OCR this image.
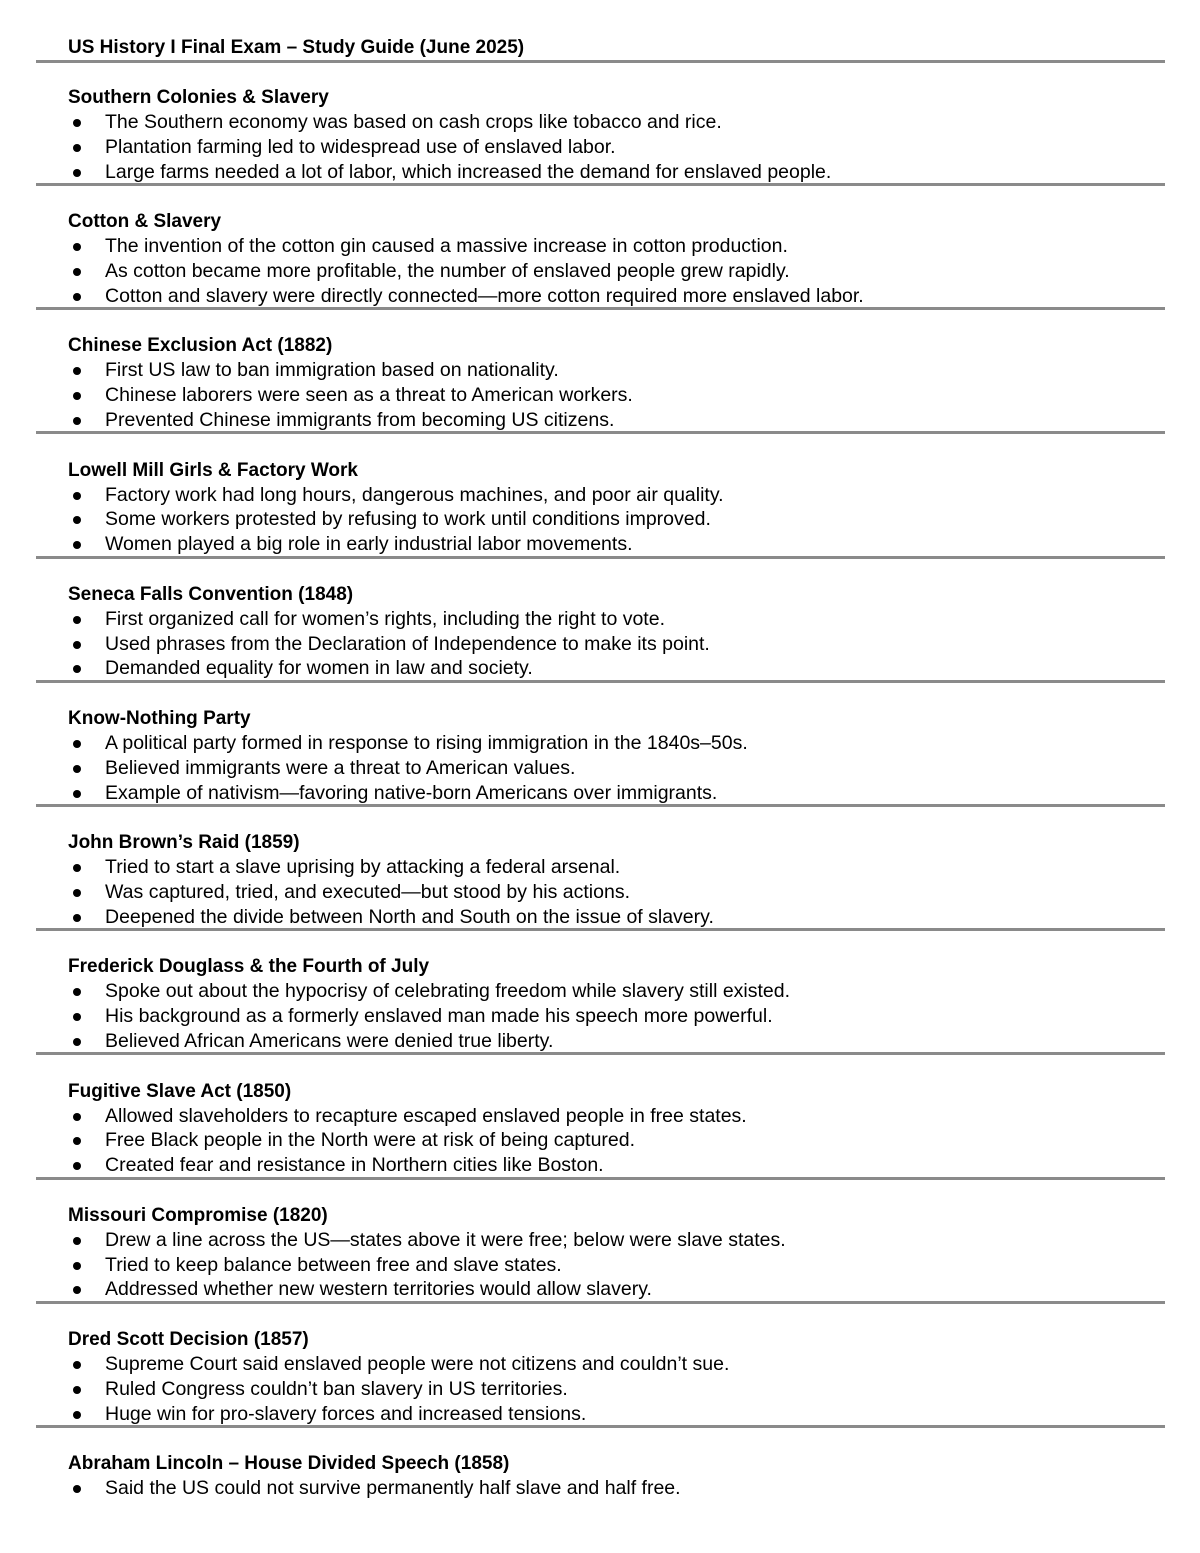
US History I Final Exam – Study Guide (June 2025)
Southern Colonies & Slavery
The Southern economy was based on cash crops like tobacco and rice.
Plantation farming led to widespread use of enslaved labor.
Large farms needed a lot of labor, which increased the demand for enslaved people.
Cotton & Slavery
The invention of the cotton gin caused a massive increase in cotton production.
As cotton became more profitable, the number of enslaved people grew rapidly.
Cotton and slavery were directly connected—more cotton required more enslaved labor.
Chinese Exclusion Act (1882)
First US law to ban immigration based on nationality.
Chinese laborers were seen as a threat to American workers.
Prevented Chinese immigrants from becoming US citizens.
Lowell Mill Girls & Factory Work
Factory work had long hours, dangerous machines, and poor air quality.
Some workers protested by refusing to work until conditions improved.
Women played a big role in early industrial labor movements.
Seneca Falls Convention (1848)
First organized call for women’s rights, including the right to vote.
Used phrases from the Declaration of Independence to make its point.
Demanded equality for women in law and society.
Know-Nothing Party
A political party formed in response to rising immigration in the 1840s–50s.
Believed immigrants were a threat to American values.
Example of nativism—favoring native-born Americans over immigrants.
John Brown’s Raid (1859)
Tried to start a slave uprising by attacking a federal arsenal.
Was captured, tried, and executed—but stood by his actions.
Deepened the divide between North and South on the issue of slavery.
Frederick Douglass & the Fourth of July
Spoke out about the hypocrisy of celebrating freedom while slavery still existed.
His background as a formerly enslaved man made his speech more powerful.
Believed African Americans were denied true liberty.
Fugitive Slave Act (1850)
Allowed slaveholders to recapture escaped enslaved people in free states.
Free Black people in the North were at risk of being captured.
Created fear and resistance in Northern cities like Boston.
Missouri Compromise (1820)
Drew a line across the US—states above it were free; below were slave states.
Tried to keep balance between free and slave states.
Addressed whether new western territories would allow slavery.
Dred Scott Decision (1857)
Supreme Court said enslaved people were not citizens and couldn’t sue.
Ruled Congress couldn’t ban slavery in US territories.
Huge win for pro-slavery forces and increased tensions.
Abraham Lincoln – House Divided Speech (1858)
Said the US could not survive permanently half slave and half free.
